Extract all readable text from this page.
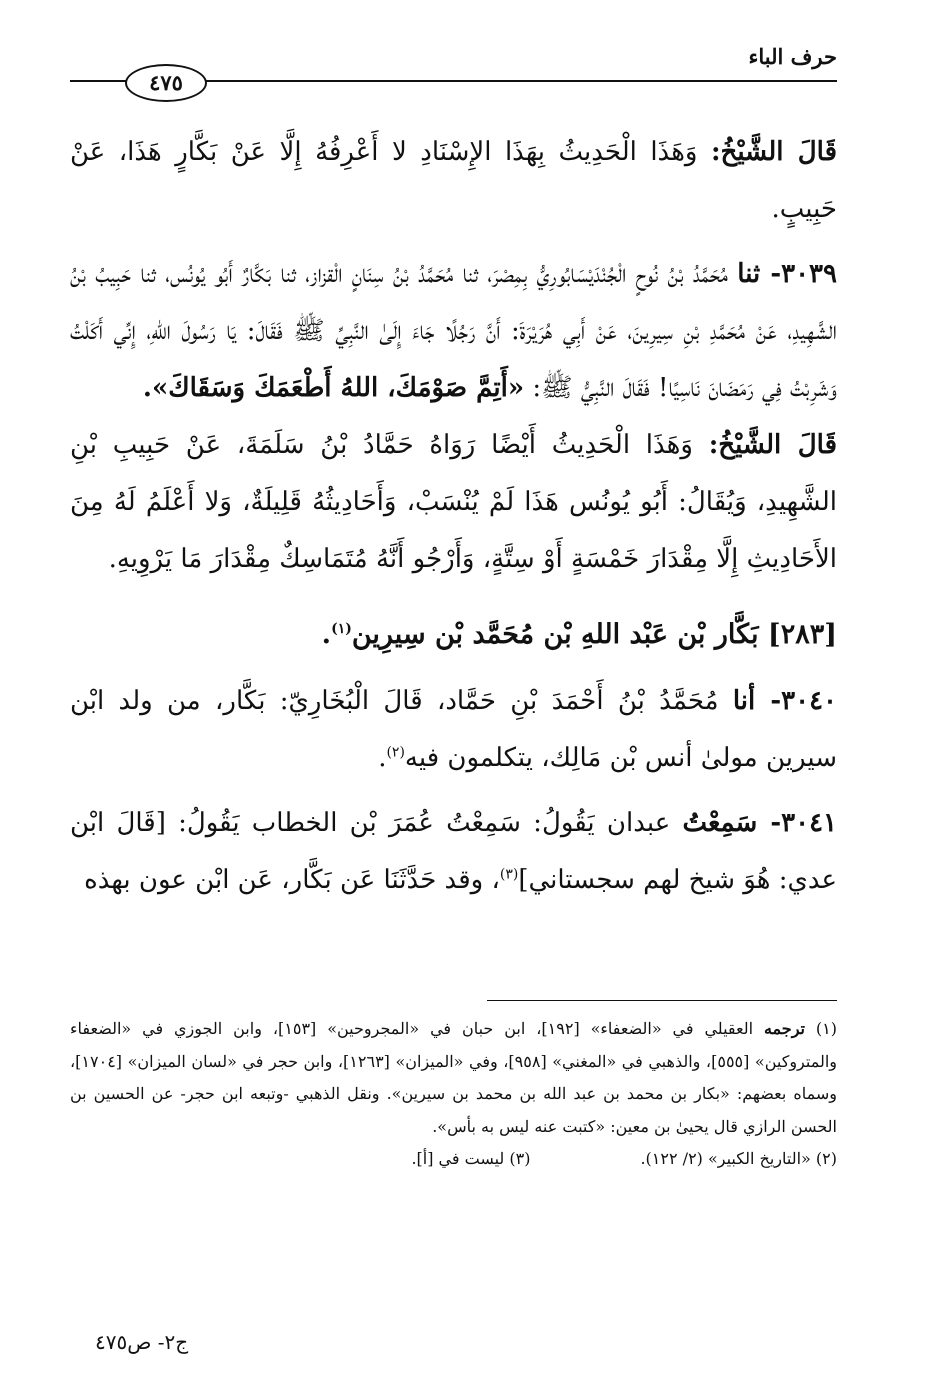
حرف الباء
٤٧٥

قَالَ الشَّيْخُ: وَهَذَا الْحَدِيثُ بِهَذَا الإِسْنَادِ لا أَعْرِفُهُ إِلَّا عَنْ بَكَّارٍ هَذَا، عَنْ حَبِيبٍ.

٣٠٣٩- ثنا مُحَمَّدُ بْنُ نُوحٍ الْجُنْدَيْسَابُورِيُّ بِمِصْرَ، ثنا مُحَمَّدُ بْنُ سِنَانٍ الْقزاز، ثنا بَكَّارٌ أَبُو يُونُس، ثنا حَبِيبُ بْنُ الشَّهِيدِ، عَنْ مُحَمَّدِ بْنِ سِيرِينَ، عَنْ أَبِي هُرَيْرَةَ: أَنَّ رَجُلًا جَاءَ إِلَىٰ النَّبِيِّ ﷺ فَقَالَ: يَا رَسُولَ اللهِ، إِنِّي أَكَلْتُ وَشَرِبْتُ فِي رَمَضَانَ نَاسِيًا! فَقَالَ النَّبِيُّ ﷺ: «أَتِمَّ صَوْمَكَ، اللهُ أَطْعَمَكَ وَسَقَاكَ».

قَالَ الشَّيْخُ: وَهَذَا الْحَدِيثُ أَيْضًا رَوَاهُ حَمَّادُ بْنُ سَلَمَةَ، عَنْ حَبِيبِ بْنِ الشَّهِيدِ، وَيُقَالُ: أَبُو يُونُس هَذَا لَمْ يُنْسَبْ، وَأَحَادِيثُهُ قَلِيلَةٌ، وَلا أَعْلَمُ لَهُ مِنَ الأَحَادِيثِ إِلَّا مِقْدَارَ خَمْسَةٍ أَوْ سِتَّةٍ، وَأَرْجُو أَنَّهُ مُتَمَاسِكٌ مِقْدَارَ مَا يَرْوِيهِ.

[٢٨٣] بَكَّار بْن عَبْد اللهِ بْن مُحَمَّد بْن سِيرِين$^{(١)}$.

٣٠٤٠- أنا مُحَمَّدُ بْنُ أَحْمَدَ بْنِ حَمَّاد، قَالَ الْبُخَارِيّ: بَكَّار، من ولد ابْن سيرين مولىٰ أنس بْن مَالِك، يتكلمون فيه$^{(٢)}$.

٣٠٤١- سَمِعْتُ عبدان يَقُولُ: سَمِعْتُ عُمَرَ بْن الخطاب يَقُولُ: [قَالَ ابْن عدي: هُوَ شيخ لهم سجستاني]$^{(٣)}$، وقد حَدَّثَنَا عَن بَكَّار، عَن ابْن عون بهذه

(١) ترجمه العقيلي في «الضعفاء» [١٩٢]، ابن حبان في «المجروحين» [١٥٣]، وابن الجوزي في «الضعفاء والمتروكين» [٥٥٥]، والذهبي في «المغني» [٩٥٨]، وفي «الميزان» [١٢٦٣]، وابن حجر في «لسان الميزان» [١٧٠٤]، وسماه بعضهم: «بكار بن محمد بن عبد الله بن محمد بن سيرين». ونقل الذهبي -وتبعه ابن حجر- عن الحسين بن الحسن الرازي قال يحيىٰ بن معين: «كتبت عنه ليس به بأس».

(٢) «التاريخ الكبير» (٢/ ١٢٢).
(٣) ليست في [أ].
ج٢- ص٤٧٥
